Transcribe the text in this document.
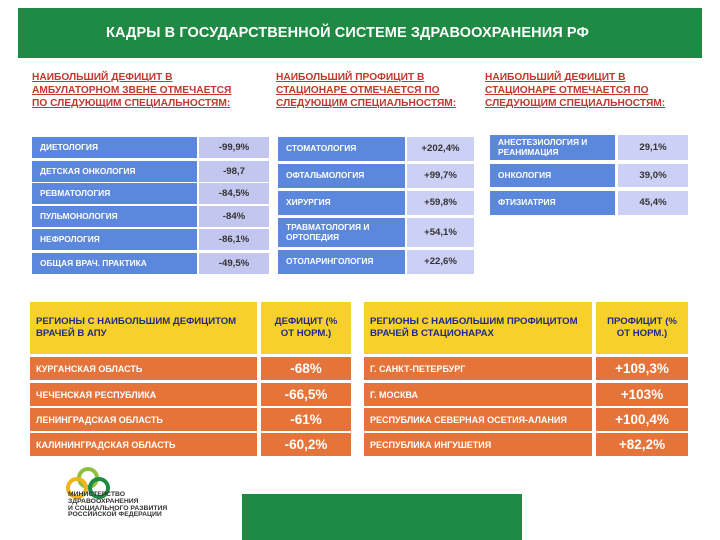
КАДРЫ В ГОСУДАРСТВЕННОЙ СИСТЕМЕ ЗДРАВООХРАНЕНИЯ РФ
НАИБОЛЬШИЙ ДЕФИЦИТ В
АМБУЛАТОРНОМ ЗВЕНЕ ОТМЕЧАЕТСЯ
ПО СЛЕДУЮЩИМ СПЕЦИАЛЬНОСТЯМ:
НАИБОЛЬШИЙ ПРОФИЦИТ В
СТАЦИОНАРЕ ОТМЕЧАЕТСЯ ПО
СЛЕДУЮЩИМ СПЕЦИАЛЬНОСТЯМ:
НАИБОЛЬШИЙ ДЕФИЦИТ В
СТАЦИОНАРЕ ОТМЕЧАЕТСЯ ПО
СЛЕДУЮЩИМ СПЕЦИАЛЬНОСТЯМ:
ДИЕТОЛОГИЯ	-99,9%
ДЕТСКАЯ ОНКОЛОГИЯ	-98,7
РЕВМАТОЛОГИЯ	-84,5%
ПУЛЬМОНОЛОГИЯ	-84%
НЕФРОЛОГИЯ	-86,1%
ОБЩАЯ ВРАЧ. ПРАКТИКА	-49,5%
СТОМАТОЛОГИЯ	+202,4%
ОФТАЛЬМОЛОГИЯ	+99,7%
ХИРУРГИЯ	+59,8%
ТРАВМАТОЛОГИЯ И ОРТОПЕДИЯ	+54,1%
ОТОЛАРИНГОЛОГИЯ	+22,6%
АНЕСТЕЗИОЛОГИЯ И РЕАНИМАЦИЯ	29,1%
ОНКОЛОГИЯ	39,0%
ФТИЗИАТРИЯ	45,4%
РЕГИОНЫ С НАИБОЛЬШИМ ДЕФИЦИТОМ ВРАЧЕЙ В АПУ
ДЕФИЦИТ (% ОТ НОРМ.)
КУРГАНСКАЯ ОБЛАСТЬ	-68%
ЧЕЧЕНСКАЯ РЕСПУБЛИКА	-66,5%
ЛЕНИНГРАДСКАЯ ОБЛАСТЬ	-61%
КАЛИНИНГРАДСКАЯ ОБЛАСТЬ	-60,2%
РЕГИОНЫ С НАИБОЛЬШИМ ПРОФИЦИТОМ ВРАЧЕЙ В СТАЦИОНАРАХ
ПРОФИЦИТ (% ОТ НОРМ.)
Г. САНКТ-ПЕТЕРБУРГ	+109,3%
Г. МОСКВА	+103%
РЕСПУБЛИКА СЕВЕРНАЯ ОСЕТИЯ-АЛАНИЯ	+100,4%
РЕСПУБЛИКА ИНГУШЕТИЯ	+82,2%
МИНИСТЕРСТВО
ЗДРАВООХРАНЕНИЯ
И СОЦИАЛЬНОГО РАЗВИТИЯ
РОССИЙСКОЙ ФЕДЕРАЦИИ
